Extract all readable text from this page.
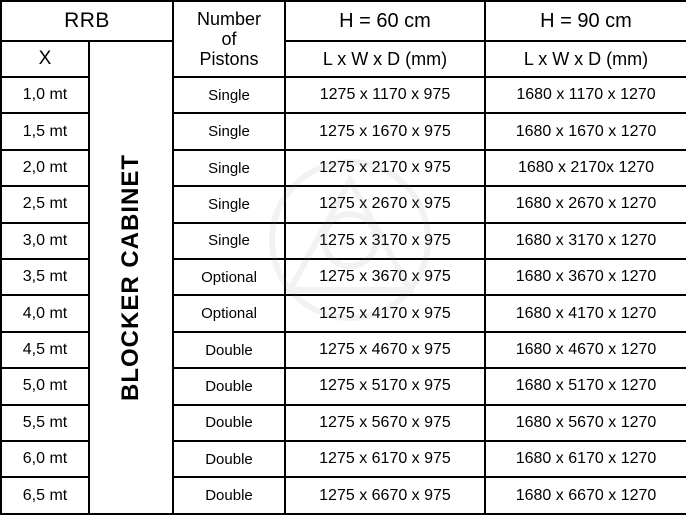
RRB		Number
of
Pistons	H = 60 cm	H = 90 cm
X	BLOCKER CABINET		L x W x D (mm)	L x W x D (mm)
1,0 mt		Single	1275 x 1170 x 975	1680 x 1170 x 1270
1,5 mt		Single	1275 x 1670 x 975	1680 x 1670 x 1270
2,0 mt		Single	1275 x 2170 x 975	1680 x 2170x 1270
2,5 mt		Single	1275 x 2670 x 975	1680 x 2670 x 1270
3,0 mt		Single	1275 x 3170 x 975	1680 x 3170 x 1270
3,5 mt		Optional	1275 x 3670 x 975	1680 x 3670 x 1270
4,0 mt		Optional	1275 x 4170 x 975	1680 x 4170 x 1270
4,5 mt		Double	1275 x 4670 x 975	1680 x 4670 x 1270
5,0 mt		Double	1275 x 5170 x 975	1680 x 5170 x 1270
5,5 mt		Double	1275 x 5670 x 975	1680 x 5670 x 1270
6,0 mt		Double	1275 x 6170 x 975	1680 x 6170 x 1270
6,5 mt		Double	1275 x 6670 x 975	1680 x 6670 x 1270
